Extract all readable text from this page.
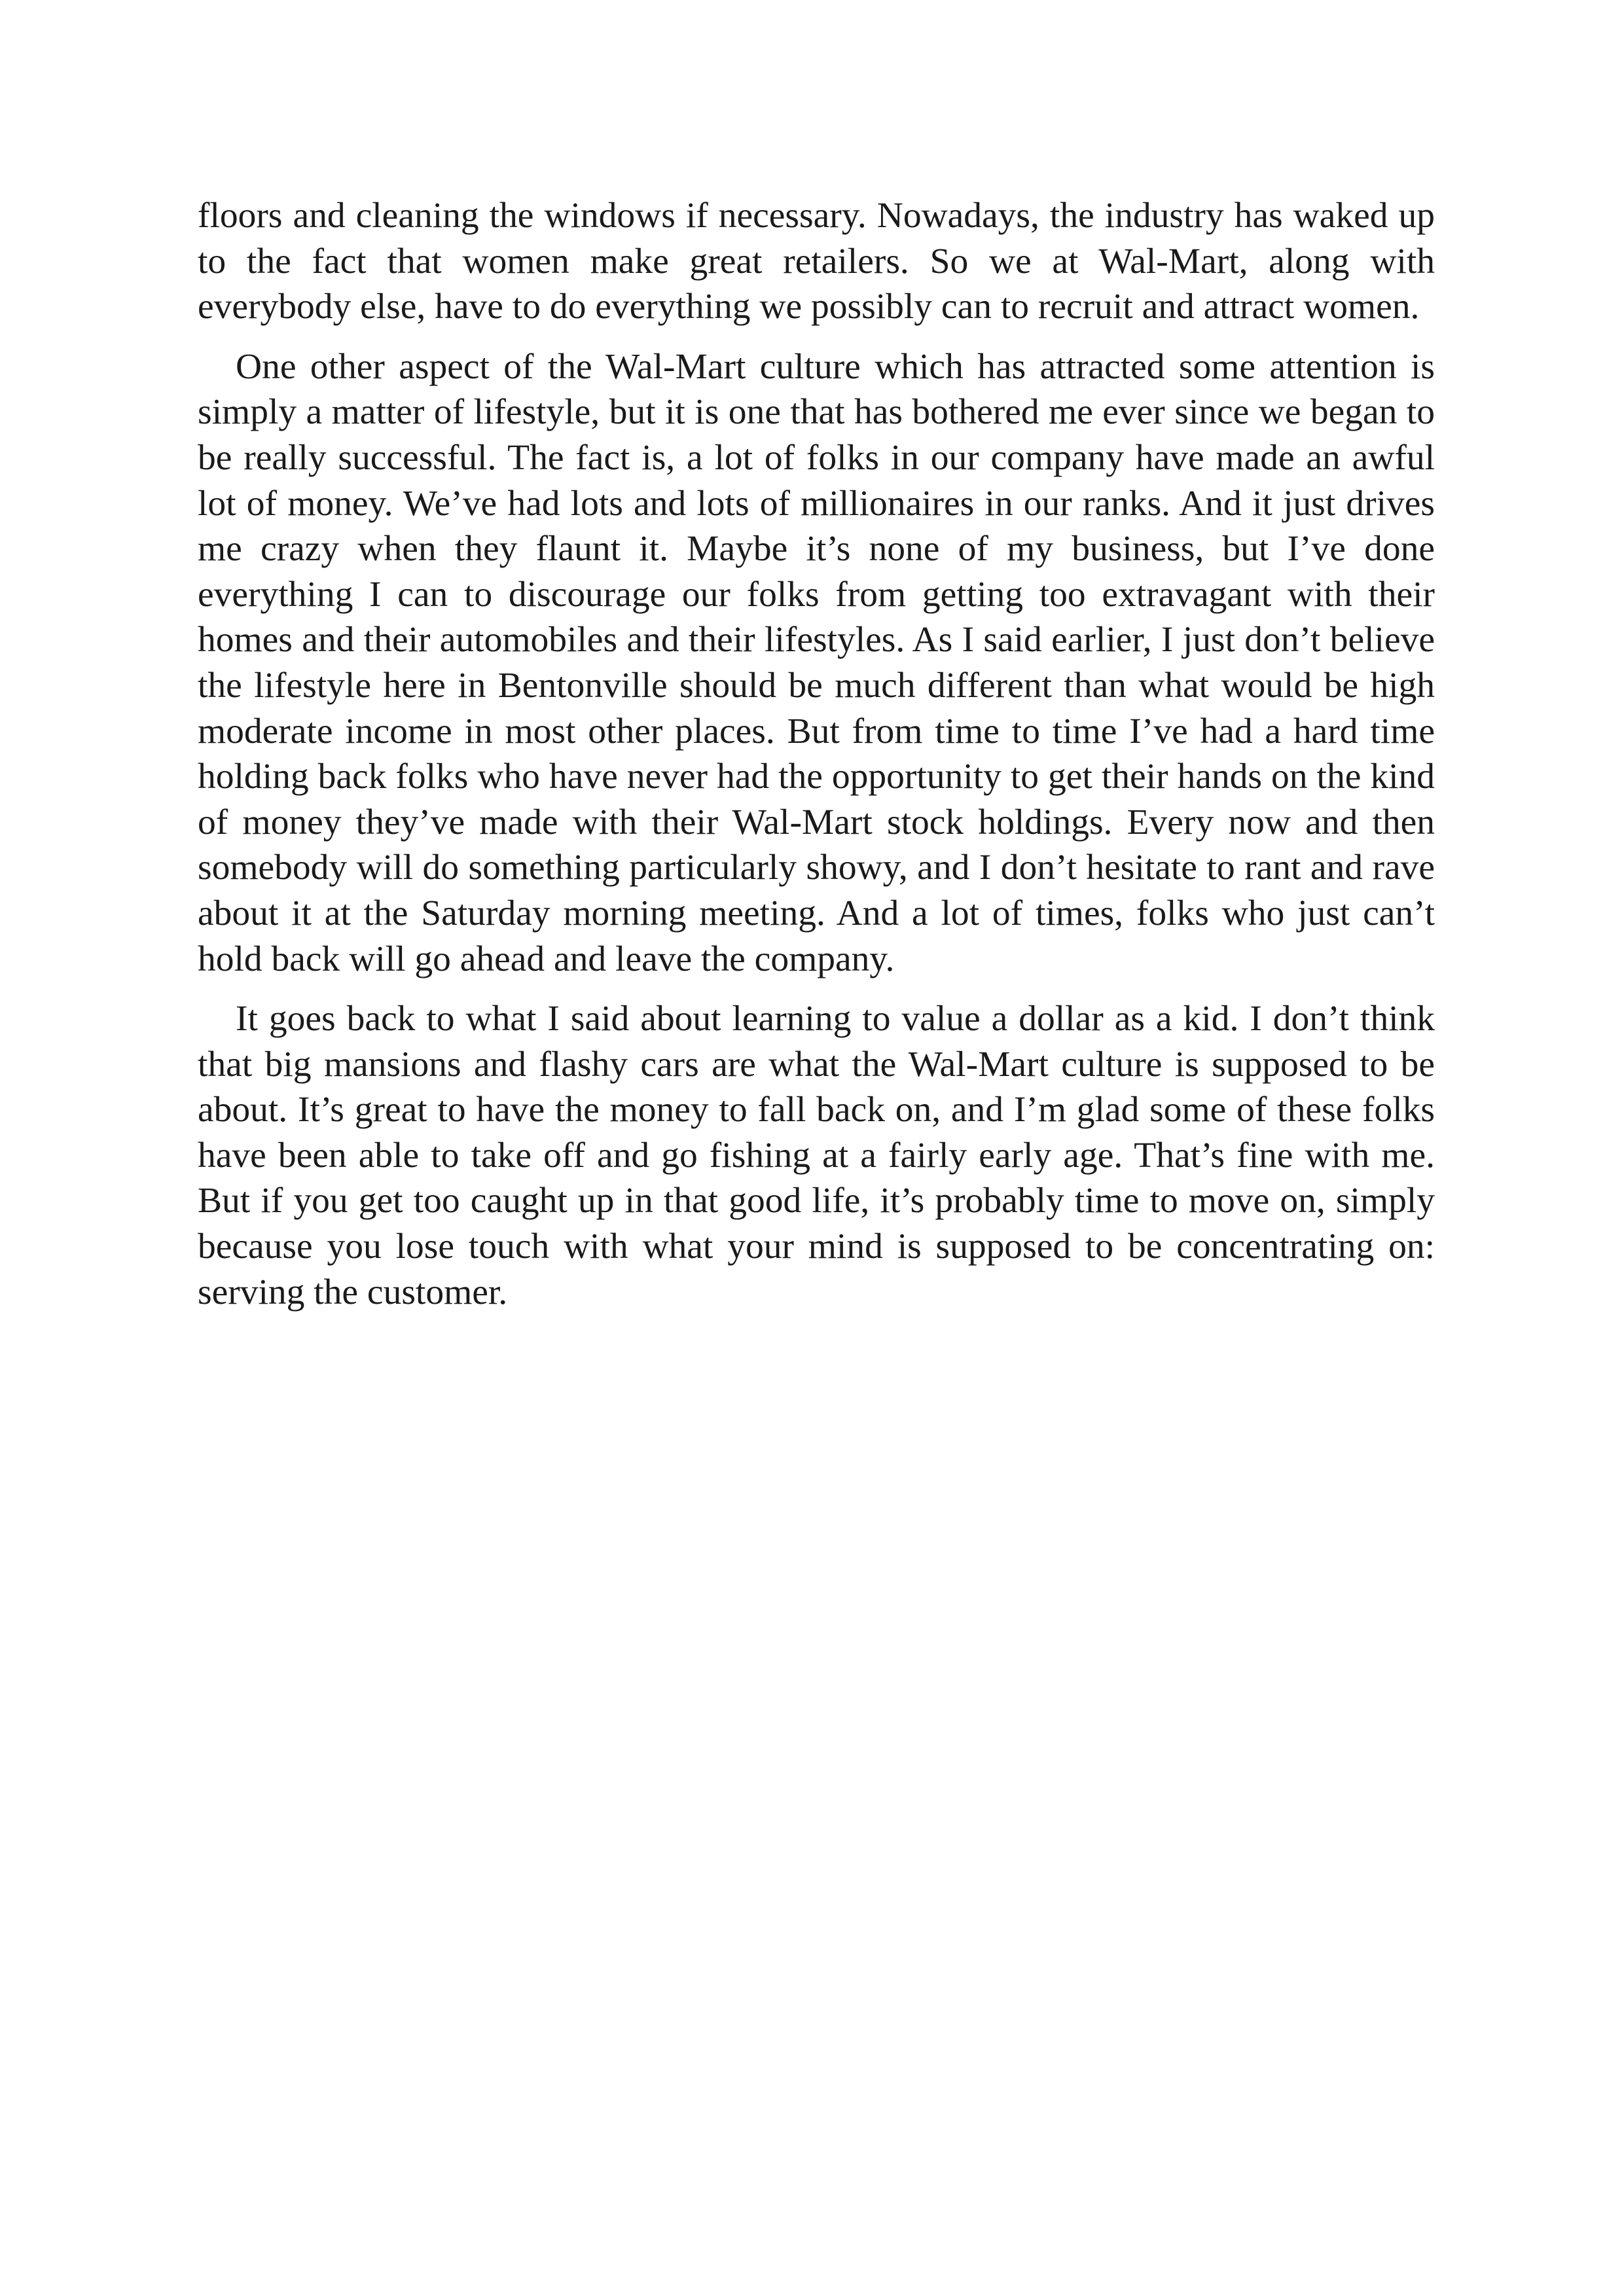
floors and cleaning the windows if necessary. Nowadays, the industry has waked up to the fact that women make great retailers. So we at Wal-Mart, along with everybody else, have to do everything we possibly can to recruit and attract women.

One other aspect of the Wal-Mart culture which has attracted some attention is simply a matter of lifestyle, but it is one that has bothered me ever since we began to be really successful. The fact is, a lot of folks in our company have made an awful lot of money. We’ve had lots and lots of millionaires in our ranks. And it just drives me crazy when they flaunt it. Maybe it’s none of my business, but I’ve done everything I can to discourage our folks from getting too extravagant with their homes and their automobiles and their lifestyles. As I said earlier, I just don’t believe the lifestyle here in Bentonville should be much different than what would be high moderate income in most other places. But from time to time I’ve had a hard time holding back folks who have never had the opportunity to get their hands on the kind of money they’ve made with their Wal-Mart stock holdings. Every now and then somebody will do something particularly showy, and I don’t hesitate to rant and rave about it at the Saturday morning meeting. And a lot of times, folks who just can’t hold back will go ahead and leave the company.

It goes back to what I said about learning to value a dollar as a kid. I don’t think that big mansions and flashy cars are what the Wal-Mart culture is supposed to be about. It’s great to have the money to fall back on, and I’m glad some of these folks have been able to take off and go fishing at a fairly early age. That’s fine with me. But if you get too caught up in that good life, it’s probably time to move on, simply because you lose touch with what your mind is supposed to be concentrating on: serving the customer.
